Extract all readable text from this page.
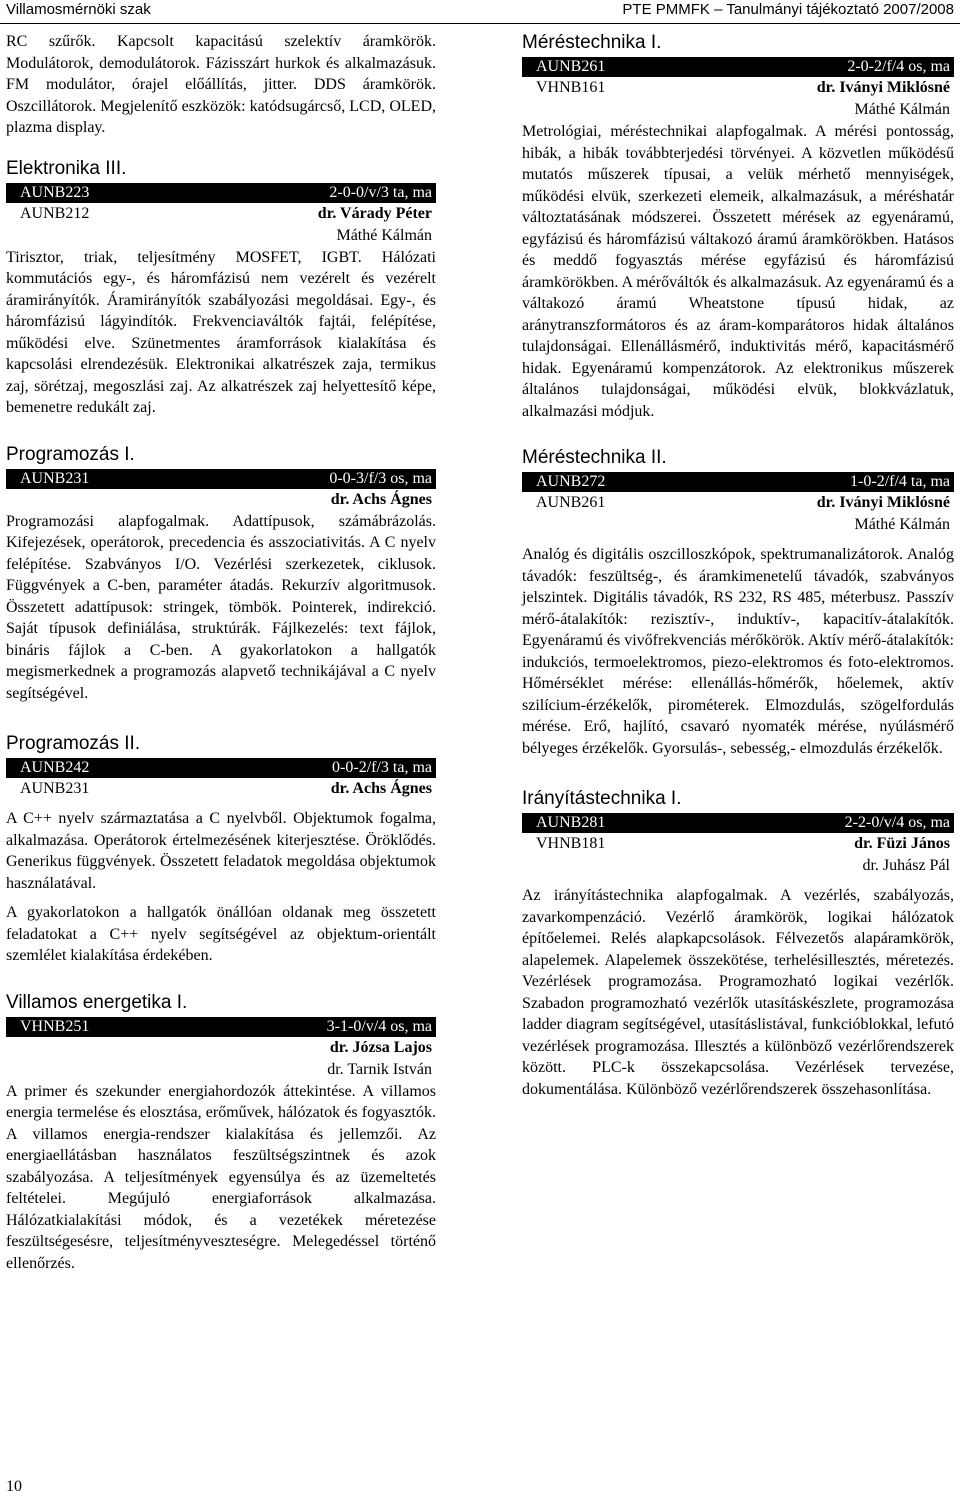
Villamosmérnöki szak	PTE PMMFK – Tanulmányi tájékoztató 2007/2008

RC szűrők. Kapcsolt kapacitású szelektív áramkörök. Modulátorok, demodulátorok. Fázisszárt hurkok és alkalmazásuk. FM modulátor, órajel előállítás, jitter. DDS áramkörök. Oszcillátorok. Megjelenítő eszközök: katódsugárcső, LCD, OLED, plazma display.

Elektronika III.
AUNB223	2-0-0/v/3 ta, ma
AUNB212	dr. Várady Péter
Máthé Kálmán

Tirisztor, triak, teljesítmény MOSFET, IGBT. Hálózati kommutációs egy-, és háromfázisú nem vezérelt és vezérelt áramirányítók. Áramirányítók szabályozási megoldásai. Egy-, és háromfázisú lágyindítók. Frekvenciaváltók fajtái, felépítése, működési elve. Szünetmentes áramforrások kialakítása és kapcsolási elrendezésük. Elektronikai alkatrészek zaja, termikus zaj, sörétzaj, megoszlási zaj. Az alkatrészek zaj helyettesítő képe, bemenetre redukált zaj.

Programozás I.
AUNB231	0-0-3/f/3 os, ma
dr. Achs Ágnes

Programozási alapfogalmak. Adattípusok, számábrázolás. Kifejezések, operátorok, precedencia és asszociativitás. A C nyelv felépítése. Szabványos I/O. Vezérlési szerkezetek, ciklusok. Függvények a C-ben, paraméter átadás. Rekurzív algoritmusok. Összetett adattípusok: stringek, tömbök. Pointerek, indirekció. Saját típusok definiálása, struktúrák. Fájlkezelés: text fájlok, bináris fájlok a C-ben. A gyakorlatokon a hallgatók megismerkednek a programozás alapvető technikájával a C nyelv segítségével.

Programozás II.
AUNB242	0-0-2/f/3 ta, ma
AUNB231	dr. Achs Ágnes

A C++ nyelv származtatása a C nyelvből. Objektumok fogalma, alkalmazása. Operátorok értelmezésének kiterjesztése. Öröklődés. Generikus függvények. Összetett feladatok megoldása objektumok használatával.

A gyakorlatokon a hallgatók önállóan oldanak meg összetett feladatokat a C++ nyelv segítségével az objektum-orientált szemlélet kialakítása érdekében.

Villamos energetika I.
VHNB251	3-1-0/v/4 os, ma
dr. Józsa Lajos
dr. Tarnik István

A primer és szekunder energiahordozók áttekintése. A villamos energia termelése és elosztása, erőművek, hálózatok és fogyasztók. A villamos energia-rendszer kialakítása és jellemzői. Az energiaellátásban használatos feszültségszintnek és azok szabályozása. A teljesítmények egyensúlya és az üzemeltetés feltételei. Megújuló energiaforrások alkalmazása. Hálózatkialakítási módok, és a vezetékek méretezése feszültségesésre, teljesítményveszteségre. Melegedéssel történő ellenőrzés.

Méréstechnika I.
AUNB261	2-0-2/f/4 os, ma
VHNB161	dr. Iványi Miklósné
Máthé Kálmán

Metrológiai, méréstechnikai alapfogalmak. A mérési pontosság, hibák, a hibák továbbterjedési törvényei. A közvetlen működésű mutatós műszerek típusai, a velük mérhető mennyiségek, működési elvük, szerkezeti elemeik, alkalmazásuk, a méréshatár változtatásának módszerei. Összetett mérések az egyenáramú, egyfázisú és háromfázisú váltakozó áramú áramkörökben. Hatásos és meddő fogyasztás mérése egyfázisú és háromfázisú áramkörökben. A mérőváltók és alkalmazásuk. Az egyenáramú és a váltakozó áramú Wheatstone típusú hidak, az aránytranszformátoros és az áram-komparátoros hidak általános tulajdonságai. Ellenállásmérő, induktivitás mérő, kapacitásmérő hidak. Egyenáramú kompenzátorok. Az elektronikus műszerek általános tulajdonságai, működési elvük, blokkvázlatuk, alkalmazási módjuk.

Méréstechnika II.
AUNB272	1-0-2/f/4 ta, ma
AUNB261	dr. Iványi Miklósné
Máthé Kálmán

Analóg és digitális oszcilloszkópok, spektrumanalizátorok. Analóg távadók: feszültség-, és áramkimenetelű távadók, szabványos jelszintek. Digitális távadók, RS 232, RS 485, méterbusz. Passzív mérő-átalakítók: rezisztív-, induktív-, kapacitív-átalakítók. Egyenáramú és vivőfrekvenciás mérőkörök. Aktív mérő-átalakítók: indukciós, termoelektromos, piezo-elektromos és foto-elektromos. Hőmérséklet mérése: ellenállás-hőmérők, hőelemek, aktív szilícium-érzékelők, pirométerek. Elmozdulás, szögelfordulás mérése. Erő, hajlító, csavaró nyomaték mérése, nyúlásmérő bélyeges érzékelők. Gyorsulás-, sebesség,- elmozdulás érzékelők.

Irányítástechnika I.
AUNB281	2-2-0/v/4 os, ma
VHNB181	dr. Füzi János
dr. Juhász Pál

Az irányítástechnika alapfogalmak. A vezérlés, szabályozás, zavarkompenzáció. Vezérlő áramkörök, logikai hálózatok építőelemei. Relés alapkapcsolások. Félvezetős alapáramkörök, alapelemek. Alapelemek összekötése, terhelésillesztés, méretezés. Vezérlések programozása. Programozható logikai vezérlők. Szabadon programozható vezérlők utasításkészlete, programozása ladder diagram segítségével, utasításlistával, funkcióblokkal, lefutó vezérlések programozása. Illesztés a különböző vezérlőrendszerek között. PLC-k összekapcsolása. Vezérlések tervezése, dokumentálása. Különböző vezérlőrendszerek összehasonlítása.

10
